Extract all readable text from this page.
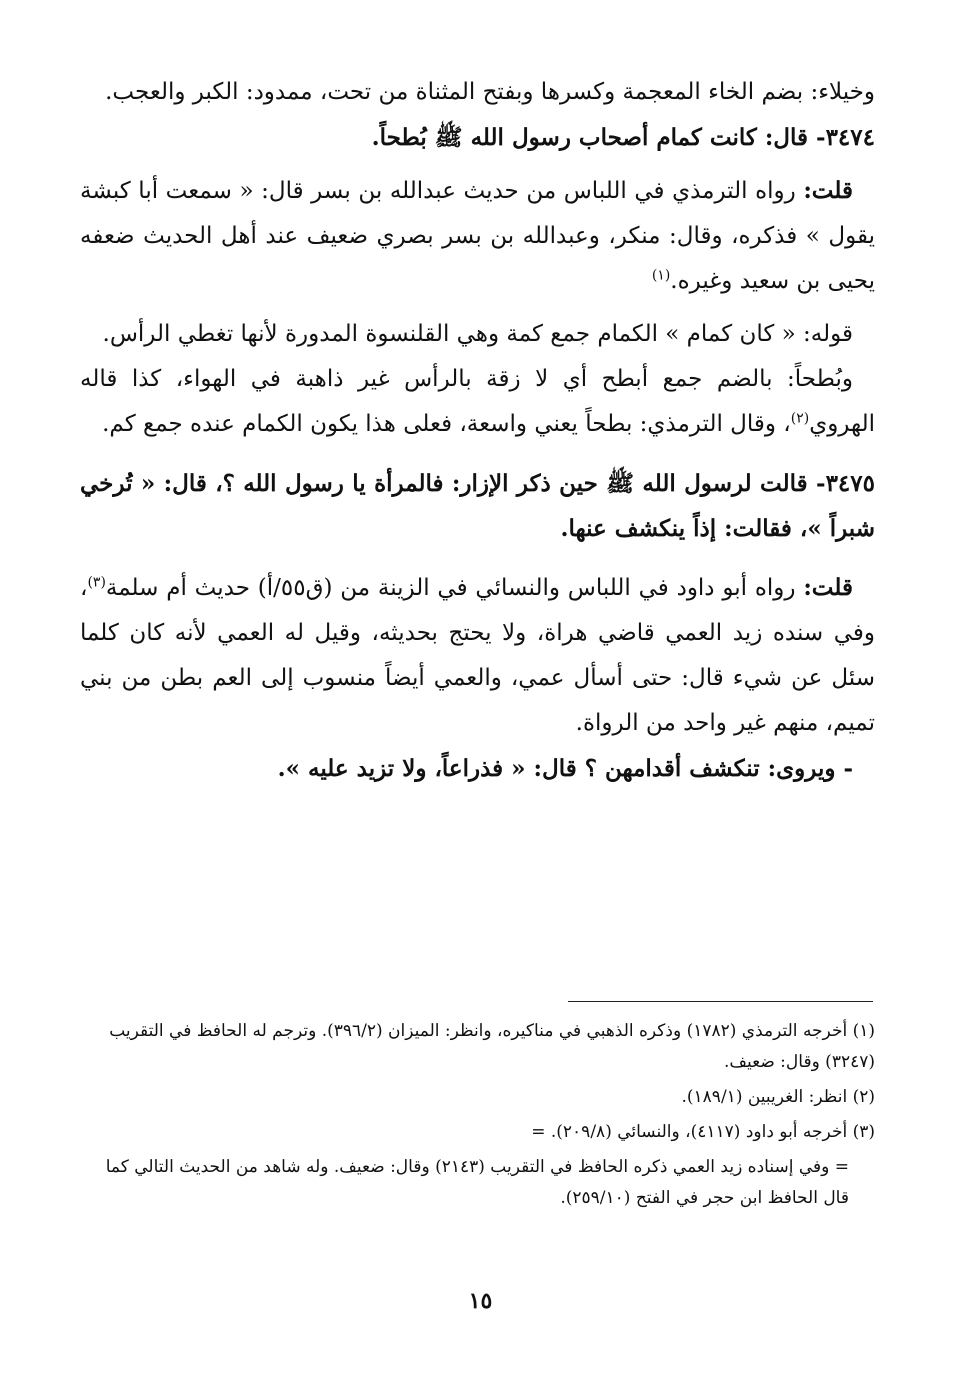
وخيلاء: بضم الخاء المعجمة وكسرها وبفتح المثناة من تحت، ممدود: الكبر والعجب.

٣٤٧٤- قال: كانت كمام أصحاب رسول الله ﷺ بُطحاً.

قلت: رواه الترمذي في اللباس من حديث عبدالله بن بسر قال: « سمعت أبا كبشة يقول » فذكره، وقال: منكر، وعبدالله بن بسر بصري ضعيف عند أهل الحديث ضعفه يحيى بن سعيد وغيره.$^{(١)}$

قوله: « كان كمام » الكمام جمع كمة وهي القلنسوة المدورة لأنها تغطي الرأس.

وبُطحاً: بالضم جمع أبطح أي لا زقة بالرأس غير ذاهبة في الهواء، كذا قاله الهروي$^{(٢)}$، وقال الترمذي: بطحاً يعني واسعة، فعلى هذا يكون الكمام عنده جمع كم.

٣٤٧٥- قالت لرسول الله ﷺ حين ذكر الإزار: فالمرأة يا رسول الله ؟، قال: « تُرخي شبراً »، فقالت: إذاً ينكشف عنها.

قلت: رواه أبو داود في اللباس والنسائي في الزينة من (ق٥٥/أ) حديث أم سلمة$^{(٣)}$، وفي سنده زيد العمي قاضي هراة، ولا يحتج بحديثه، وقيل له العمي لأنه كان كلما سئل عن شيء قال: حتى أسأل عمي، والعمي أيضاً منسوب إلى العم بطن من بني تميم، منهم غير واحد من الرواة.

- ويروى: تنكشف أقدامهن ؟ قال: « فذراعاً، ولا تزيد عليه ».

(١) أخرجه الترمذي (١٧٨٢) وذكره الذهبي في مناكيره، وانظر: الميزان (٣٩٦/٢). وترجم له الحافظ في التقريب (٣٢٤٧) وقال: ضعيف.

(٢) انظر: الغريبين (١٨٩/١).

(٣) أخرجه أبو داود (٤١١٧)، والنسائي (٢٠٩/٨). =

= وفي إسناده زيد العمي ذكره الحافظ في التقريب (٢١٤٣) وقال: ضعيف. وله شاهد من الحديث التالي كما قال الحافظ ابن حجر في الفتح (٢٥٩/١٠).

١٥
